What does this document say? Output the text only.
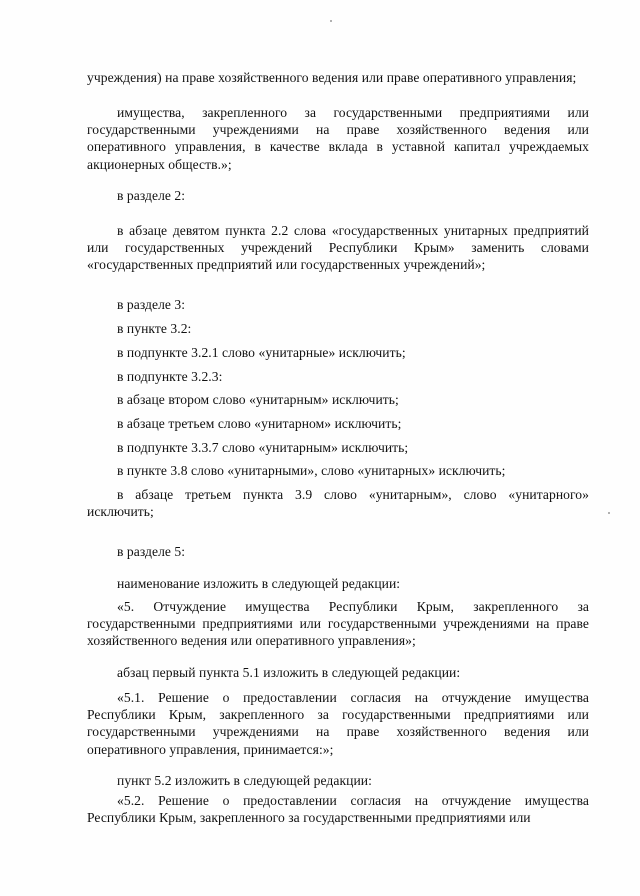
учреждения) на праве хозяйственного ведения или праве оперативного управления;

имущества, закрепленного за государственными предприятиями или государственными учреждениями на праве хозяйственного ведения или оперативного управления, в качестве вклада в уставной капитал учреждаемых акционерных обществ.»;

в разделе 2:

в абзаце девятом пункта 2.2 слова «государственных унитарных предприятий или государственных учреждений Республики Крым» заменить словами «государственных предприятий или государственных учреждений»;

в разделе 3:

в пункте 3.2:

в подпункте 3.2.1 слово «унитарные» исключить;

в подпункте 3.2.3:

в абзаце втором слово «унитарным» исключить;

в абзаце третьем слово «унитарном» исключить;

в подпункте 3.3.7 слово «унитарным» исключить;

в пункте 3.8 слово «унитарными», слово «унитарных» исключить;

в абзаце третьем пункта 3.9 слово «унитарным», слово «унитарного» исключить;

в разделе 5:

наименование изложить в следующей редакции:

«5. Отчуждение имущества Республики Крым, закрепленного за государственными предприятиями или государственными учреждениями на праве хозяйственного ведения или оперативного управления»;

абзац первый пункта 5.1 изложить в следующей редакции:

«5.1. Решение о предоставлении согласия на отчуждение имущества Республики Крым, закрепленного за государственными предприятиями или государственными учреждениями на праве хозяйственного ведения или оперативного управления, принимается:»;

пункт 5.2 изложить в следующей редакции:

«5.2. Решение о предоставлении согласия на отчуждение имущества Республики Крым, закрепленного за государственными предприятиями или
